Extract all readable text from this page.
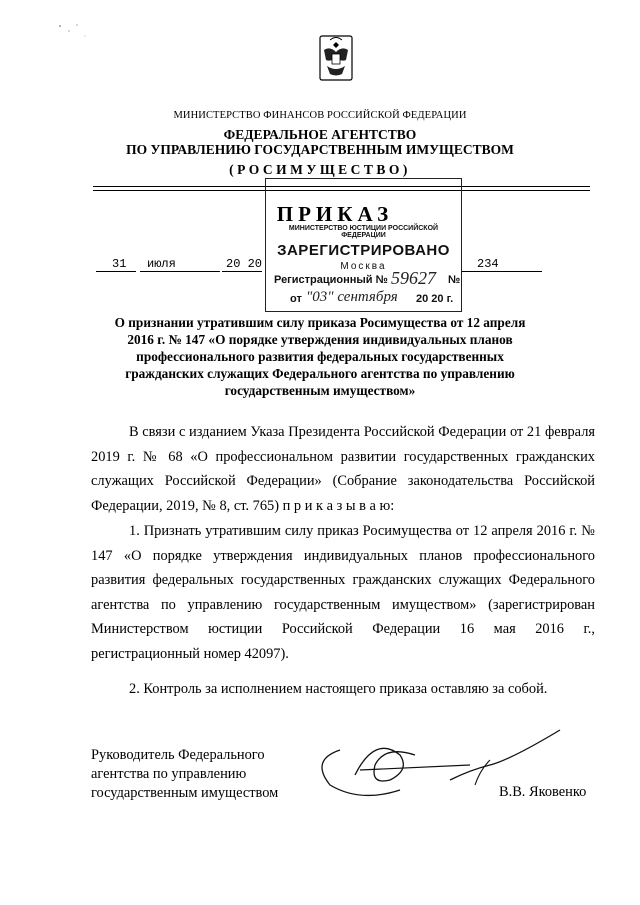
МИНИСТЕРСТВО ФИНАНСОВ РОССИЙСКОЙ ФЕДЕРАЦИИ
ФЕДЕРАЛЬНОЕ АГЕНТСТВО
ПО УПРАВЛЕНИЮ ГОСУДАРСТВЕННЫМ ИМУЩЕСТВОМ
(РОСИМУЩЕСТВО)
ПРИКАЗ
31 июля	20 20	234
МИНИСТЕРСТВО ЮСТИЦИИ РОССИЙСКОЙ ФЕДЕРАЦИИ
ЗАРЕГИСТРИРОВАНО
Москва
Регистрационный № 59627 №
от "03" сентября 20 20 г.
О признании утратившим силу приказа Росимущества от 12 апреля 2016 г. № 147 «О порядке утверждения индивидуальных планов профессионального развития федеральных государственных гражданских служащих Федерального агентства по управлению государственным имуществом»
В связи с изданием Указа Президента Российской Федерации от 21 февраля 2019 г. № 68 «О профессиональном развитии государственных гражданских служащих Российской Федерации» (Собрание законодательства Российской Федерации, 2019, № 8, ст. 765) п р и к а з ы в а ю:
1. Признать утратившим силу приказ Росимущества от 12 апреля 2016 г. № 147 «О порядке утверждения индивидуальных планов профессионального развития федеральных государственных гражданских служащих Федерального агентства по управлению государственным имуществом» (зарегистрирован Министерством юстиции Российской Федерации 16 мая 2016 г., регистрационный номер 42097).
2. Контроль за исполнением настоящего приказа оставляю за собой.
Руководитель Федерального
агентства по управлению
государственным имуществом	В.В. Яковенко
